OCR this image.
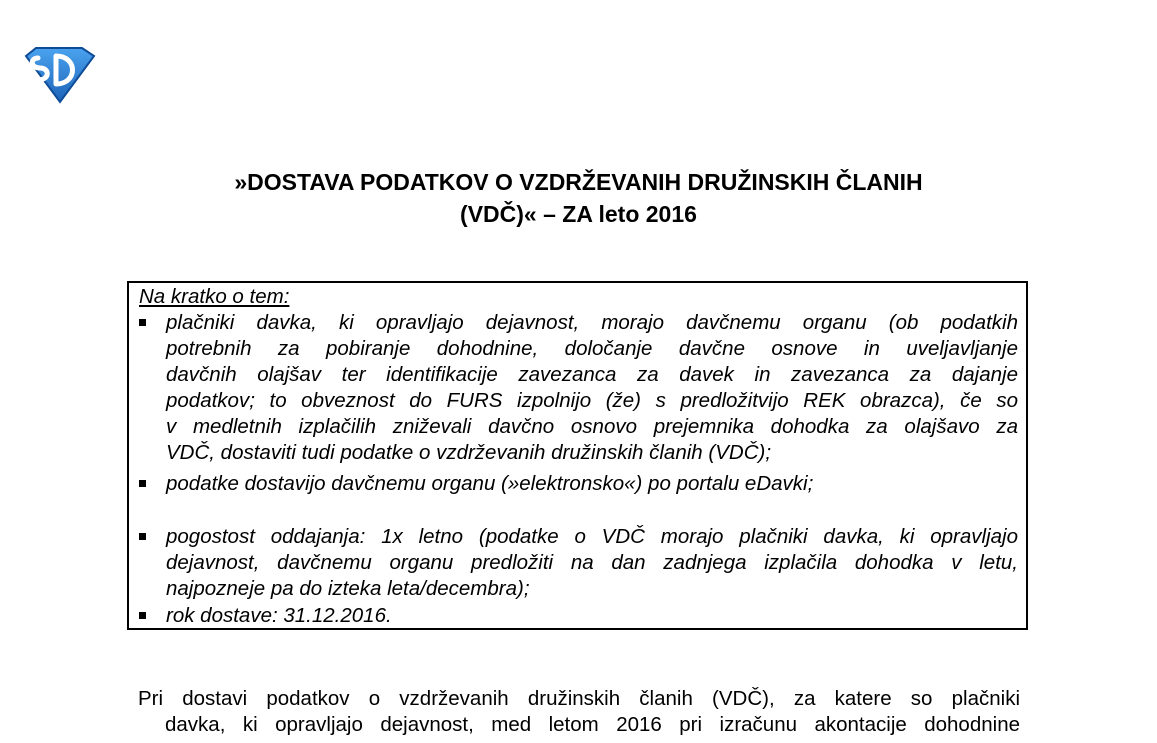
»DOSTAVA PODATKOV O VZDRŽEVANIH DRUŽINSKIH ČLANIH
(VDČ)« – ZA leto 2016
Na kratko o tem:
plačniki davka, ki opravljajo dejavnost, morajo davčnemu organu (ob podatkih
potrebnih za pobiranje dohodnine, določanje davčne osnove in uveljavljanje
davčnih olajšav ter identifikacije zavezanca za davek in zavezanca za dajanje
podatkov; to obveznost do FURS izpolnijo (že) s predložitvijo REK obrazca), če so
v medletnih izplačilih zniževali davčno osnovo prejemnika dohodka za olajšavo za
VDČ, dostaviti tudi podatke o vzdrževanih družinskih članih (VDČ);
podatke dostavijo davčnemu organu (»elektronsko«) po portalu eDavki;
pogostost oddajanja: 1x letno (podatke o VDČ morajo plačniki davka, ki opravljajo
dejavnost, davčnemu organu predložiti na dan zadnjega izplačila dohodka v letu,
najpozneje pa do izteka leta/decembra);
rok dostave: 31.12.2016.
Pri dostavi podatkov o vzdrževanih družinskih članih (VDČ), za katere so plačniki
davka, ki opravljajo dejavnost, med letom 2016 pri izračunu akontacije dohodnine
